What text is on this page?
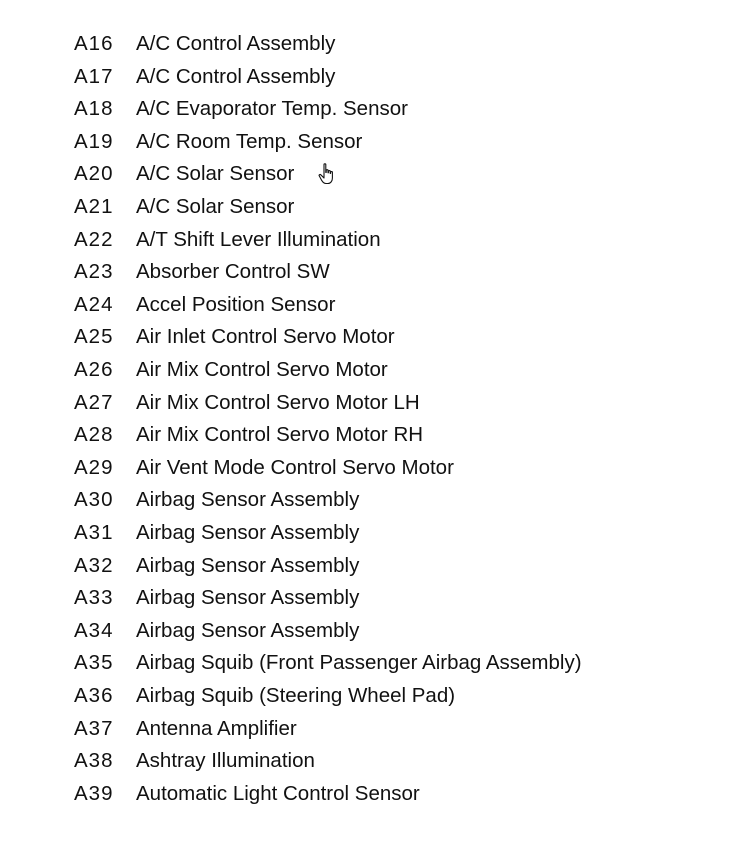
A16	A/C Control Assembly
A17	A/C Control Assembly
A18	A/C Evaporator Temp. Sensor
A19	A/C Room Temp. Sensor
A20	A/C Solar Sensor
A21	A/C Solar Sensor
A22	A/T Shift Lever Illumination
A23	Absorber Control SW
A24	Accel Position Sensor
A25	Air Inlet Control Servo Motor
A26	Air Mix Control Servo Motor
A27	Air Mix Control Servo Motor LH
A28	Air Mix Control Servo Motor RH
A29	Air Vent Mode Control Servo Motor
A30	Airbag Sensor Assembly
A31	Airbag Sensor Assembly
A32	Airbag Sensor Assembly
A33	Airbag Sensor Assembly
A34	Airbag Sensor Assembly
A35	Airbag Squib (Front Passenger Airbag Assembly)
A36	Airbag Squib (Steering Wheel Pad)
A37	Antenna Amplifier
A38	Ashtray Illumination
A39	Automatic Light Control Sensor
